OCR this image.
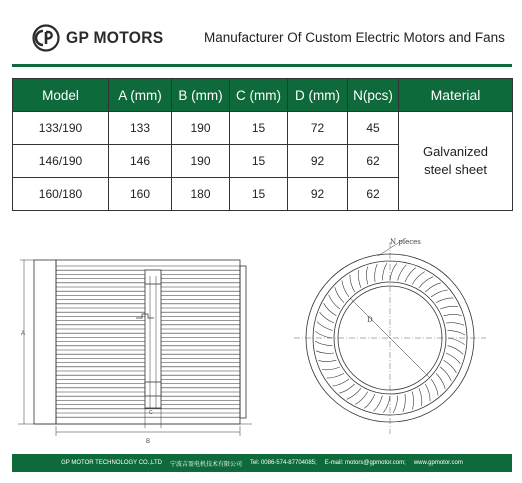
GP MOTORS	Manufacturer Of Custom Electric Motors and Fans
Model	A (mm)	B (mm)	C (mm)	D (mm)	N(pcs)	Material
133/190	133	190	15	72	45	Galvanized
steel sheet

146/190	146	190	15	92	62	
160/180	160	180	15	92	62	
A
B
C
D
N pieces
GP MOTOR TECHNOLOGY CO.,LTD 宁波吉盈电机技术有限公司 Tel: 0086-574-87704085; E-mail: motors@gpmotor.com; www.gpmotor.com
